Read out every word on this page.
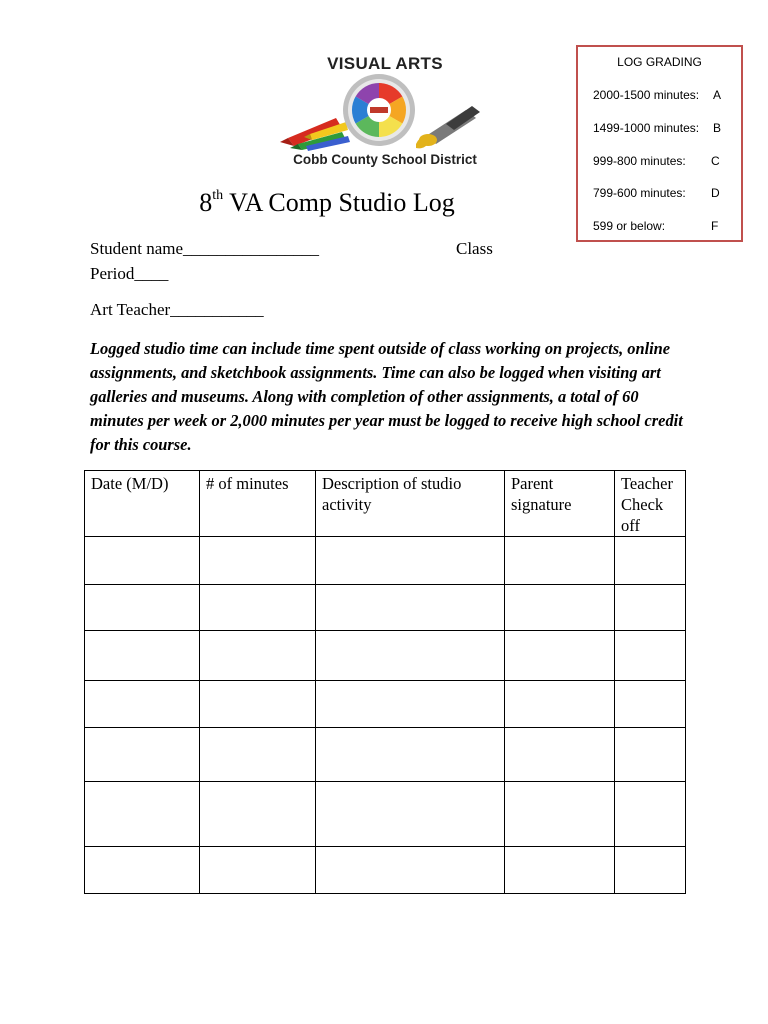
VISUAL ARTS
Cobb County School District
LOG GRADING
2000-1500 minutes: A
1499-1000 minutes: B
999-800 minutes: C
799-600 minutes: D
599 or below:	F
8th VA Comp Studio Log
Student name________________	Class
Period____
Art Teacher___________
Logged studio time can include time spent outside of class working on projects, online assignments, and sketchbook assignments. Time can also be logged when visiting art galleries and museums. Along with completion of other assignments, a total of 60 minutes per week or 2,000 minutes per year must be logged to receive high school credit for this course.
Date (M/D)	# of minutes	Description of studio activity	Parent signature	Teacher Check off
